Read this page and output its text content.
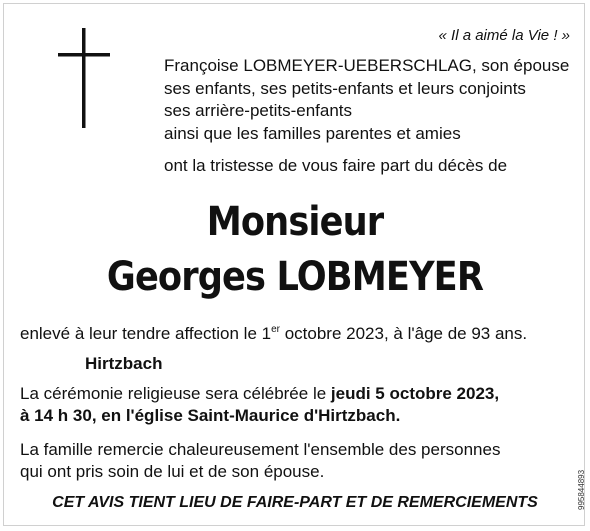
« Il a aimé la Vie ! »
Françoise LOBMEYER-UEBERSCHLAG, son épouse
ses enfants, ses petits-enfants et leurs conjoints
ses arrière-petits-enfants
ainsi que les familles parentes et amies
ont la tristesse de vous faire part du décès de
Monsieur
Georges LOBMEYER
enlevé à leur tendre affection le 1er octobre 2023, à l'âge de 93 ans.
Hirtzbach
La cérémonie religieuse sera célébrée le jeudi 5 octobre 2023,
à 14 h 30, en l'église Saint-Maurice d'Hirtzbach.
La famille remercie chaleureusement l'ensemble des personnes
qui ont pris soin de lui et de son épouse.
CET AVIS TIENT LIEU DE FAIRE-PART ET DE REMERCIEMENTS	995844893
